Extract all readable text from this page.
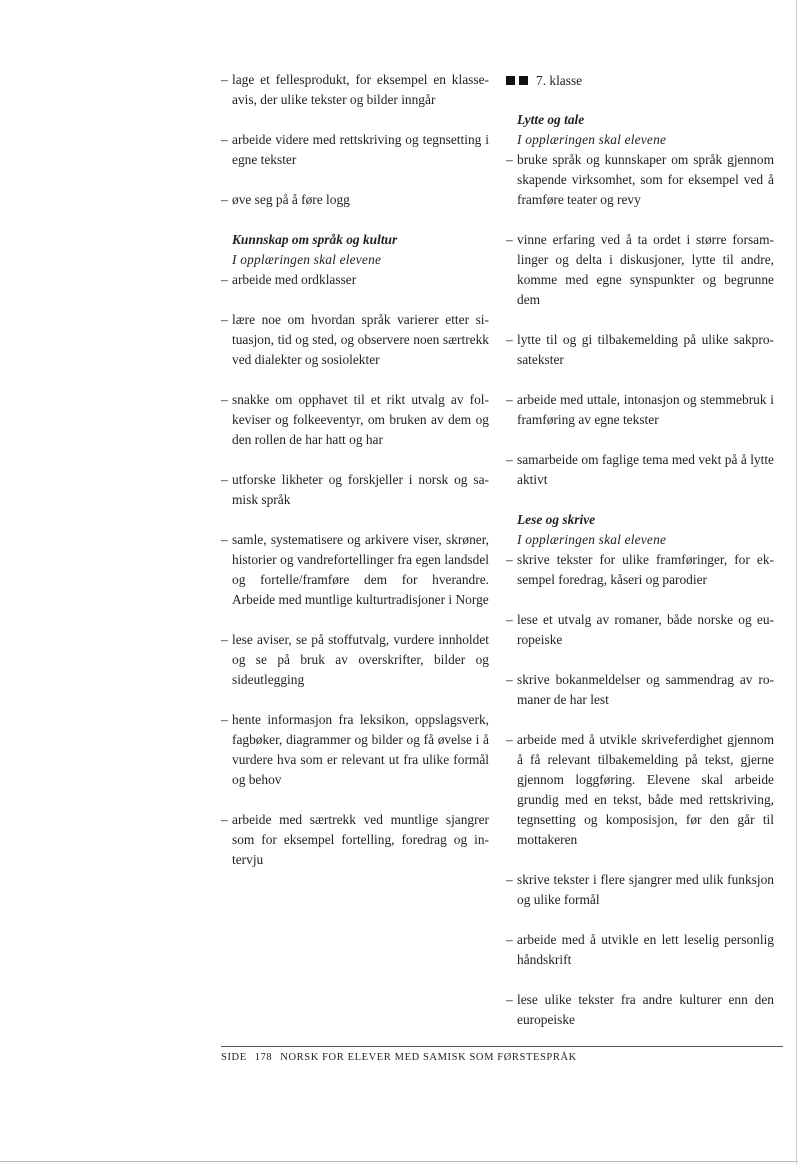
– lage et fellesprodukt, for eksempel en klasseavis, der ulike tekster og bilder inngår
– arbeide videre med rettskriving og tegnsetting i egne tekster
– øve seg på å føre logg

Kunnskap om språk og kultur

I opplæringen skal elevene

– arbeide med ordklasser
– lære noe om hvordan språk varierer etter situasjon, tid og sted, og observere noen særtrekk ved dialekter og sosiolekter
– snakke om opphavet til et rikt utvalg av folkeviser og folkeeventyr, om bruken av dem og den rollen de har hatt og har
– utforske likheter og forskjeller i norsk og samisk språk
– samle, systematisere og arkivere viser, skrøner, historier og vandrefortellinger fra egen landsdel og fortelle/framføre dem for hverandre. Arbeide med muntlige kulturtradisjoner i Norge
– lese aviser, se på stoffutvalg, vurdere innholdet og se på bruk av overskrifter, bilder og sideutlegging
– hente informasjon fra leksikon, oppslagsverk, fagbøker, diagrammer og bilder og få øvelse i å vurdere hva som er relevant ut fra ulike formål og behov
– arbeide med særtrekk ved muntlige sjangrer som for eksempel fortelling, foredrag og intervju
7. klasse

Lytte og tale

I opplæringen skal elevene

– bruke språk og kunnskaper om språk gjennom skapende virksomhet, som for eksempel ved å framføre teater og revy
– vinne erfaring ved å ta ordet i større forsamlinger og delta i diskusjoner, lytte til andre, komme med egne synspunkter og begrunne dem
– lytte til og gi tilbakemelding på ulike sakprosatekster
– arbeide med uttale, intonasjon og stemmebruk i framføring av egne tekster
– samarbeide om faglige tema med vekt på å lytte aktivt

Lese og skrive

I opplæringen skal elevene

– skrive tekster for ulike framføringer, for eksempel foredrag, kåseri og parodier
– lese et utvalg av romaner, både norske og europeiske
– skrive bokanmeldelser og sammendrag av romaner de har lest
– arbeide med å utvikle skriveferdighet gjennom å få relevant tilbakemelding på tekst, gjerne gjennom loggføring. Elevene skal arbeide grundig med en tekst, både med rettskriving, tegnsetting og komposisjon, før den går til mottakeren
– skrive tekster i flere sjangrer med ulik funksjon og ulike formål
– arbeide med å utvikle en lett leselig personlig håndskrift
– lese ulike tekster fra andre kulturer enn den europeiske
SIDE 178 NORSK FOR ELEVER MED SAMISK SOM FØRSTESPRÅK
